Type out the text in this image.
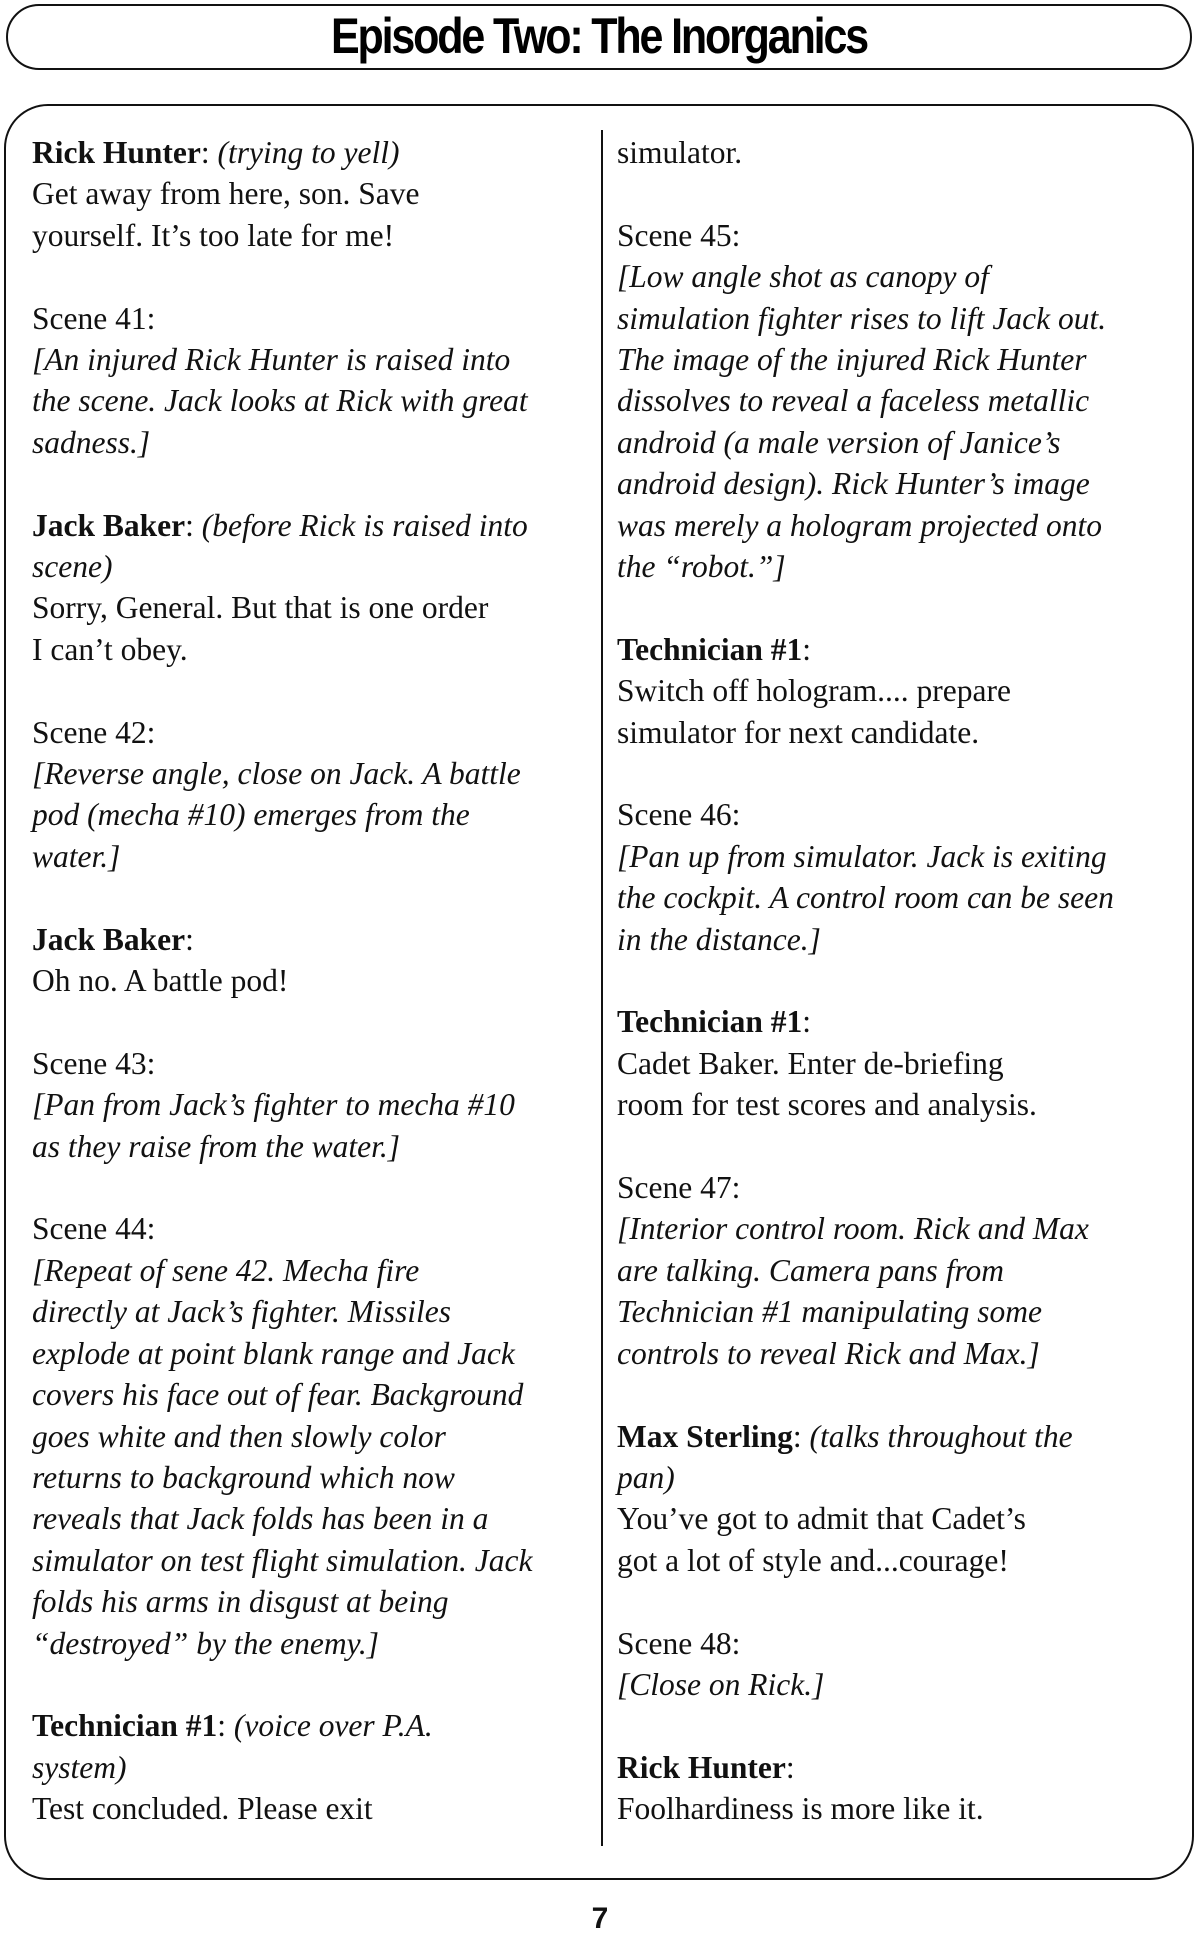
Episode Two: The Inorganics
Rick Hunter: (trying to yell)
Get away from here, son. Save
yourself. It’s too late for me!
Scene 41:
[An injured Rick Hunter is raised into
the scene. Jack looks at Rick with great
sadness.]
Jack Baker: (before Rick is raised into
scene)
Sorry, General. But that is one order
I can’t obey.
Scene 42:
[Reverse angle, close on Jack. A battle
pod (mecha #10) emerges from the
water.]
Jack Baker:
Oh no. A battle pod!
Scene 43:
[Pan from Jack’s fighter to mecha #10
as they raise from the water.]
Scene 44:
[Repeat of sene 42. Mecha fire
directly at Jack’s fighter. Missiles
explode at point blank range and Jack
covers his face out of fear. Background
goes white and then slowly color
returns to background which now
reveals that Jack folds has been in a
simulator on test flight simulation. Jack
folds his arms in disgust at being
“destroyed” by the enemy.]
Technician #1: (voice over P.A.
system)
Test concluded. Please exit
simulator.
Scene 45:
[Low angle shot as canopy of
simulation fighter rises to lift Jack out.
The image of the injured Rick Hunter
dissolves to reveal a faceless metallic
android (a male version of Janice’s
android design). Rick Hunter’s image
was merely a hologram projected onto
the “robot.”]
Technician #1:
Switch off hologram.... prepare
simulator for next candidate.
Scene 46:
[Pan up from simulator. Jack is exiting
the cockpit. A control room can be seen
in the distance.]
Technician #1:
Cadet Baker. Enter de-briefing
room for test scores and analysis.
Scene 47:
[Interior control room. Rick and Max
are talking. Camera pans from
Technician #1 manipulating some
controls to reveal Rick and Max.]
Max Sterling: (talks throughout the
pan)
You’ve got to admit that Cadet’s
got a lot of style and...courage!
Scene 48:
[Close on Rick.]
Rick Hunter:
Foolhardiness is more like it.
7
